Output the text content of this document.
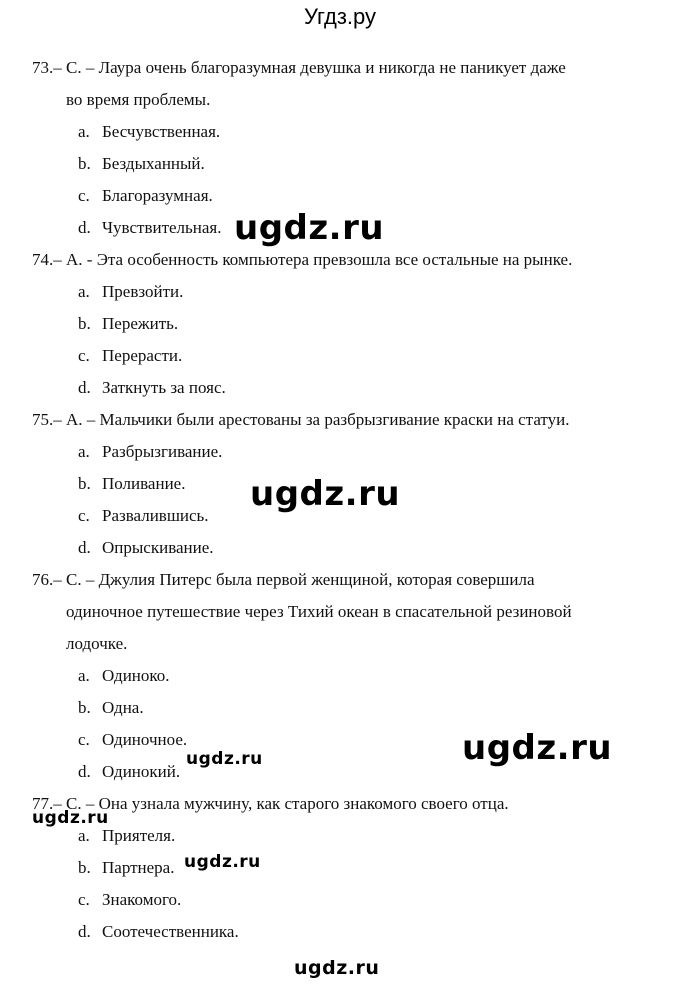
Угдз.ру
73.– С. – Лаура очень благоразумная девушка и никогда не паникует даже
во время проблемы.
a. Бесчувственная.
b. Бездыханный.
c. Благоразумная.
d. Чувствительная.
74.– А. - Эта особенность компьютера превзошла все остальные на рынке.
a. Превзойти.
b. Пережить.
c. Перерасти.
d. Заткнуть за пояс.
75.– А. – Мальчики были арестованы за разбрызгивание краски на статуи.
a. Разбрызгивание.
b. Поливание.
c. Развалившись.
d. Опрыскивание.
76.– С. – Джулия Питерс была первой женщиной, которая совершила
одиночное путешествие через Тихий океан в спасательной резиновой
лодочке.
a. Одиноко.
b. Одна.
c. Одиночное.
d. Одинокий.
77.– С. – Она узнала мужчину, как старого знакомого своего отца.
a. Приятеля.
b. Партнера.
c. Знакомого.
d. Соотечественника.
ugdz.ru
ugdz.ru
ugdz.ru
ugdz.ru
ugdz.ru
ugdz.ru
ugdz.ru
